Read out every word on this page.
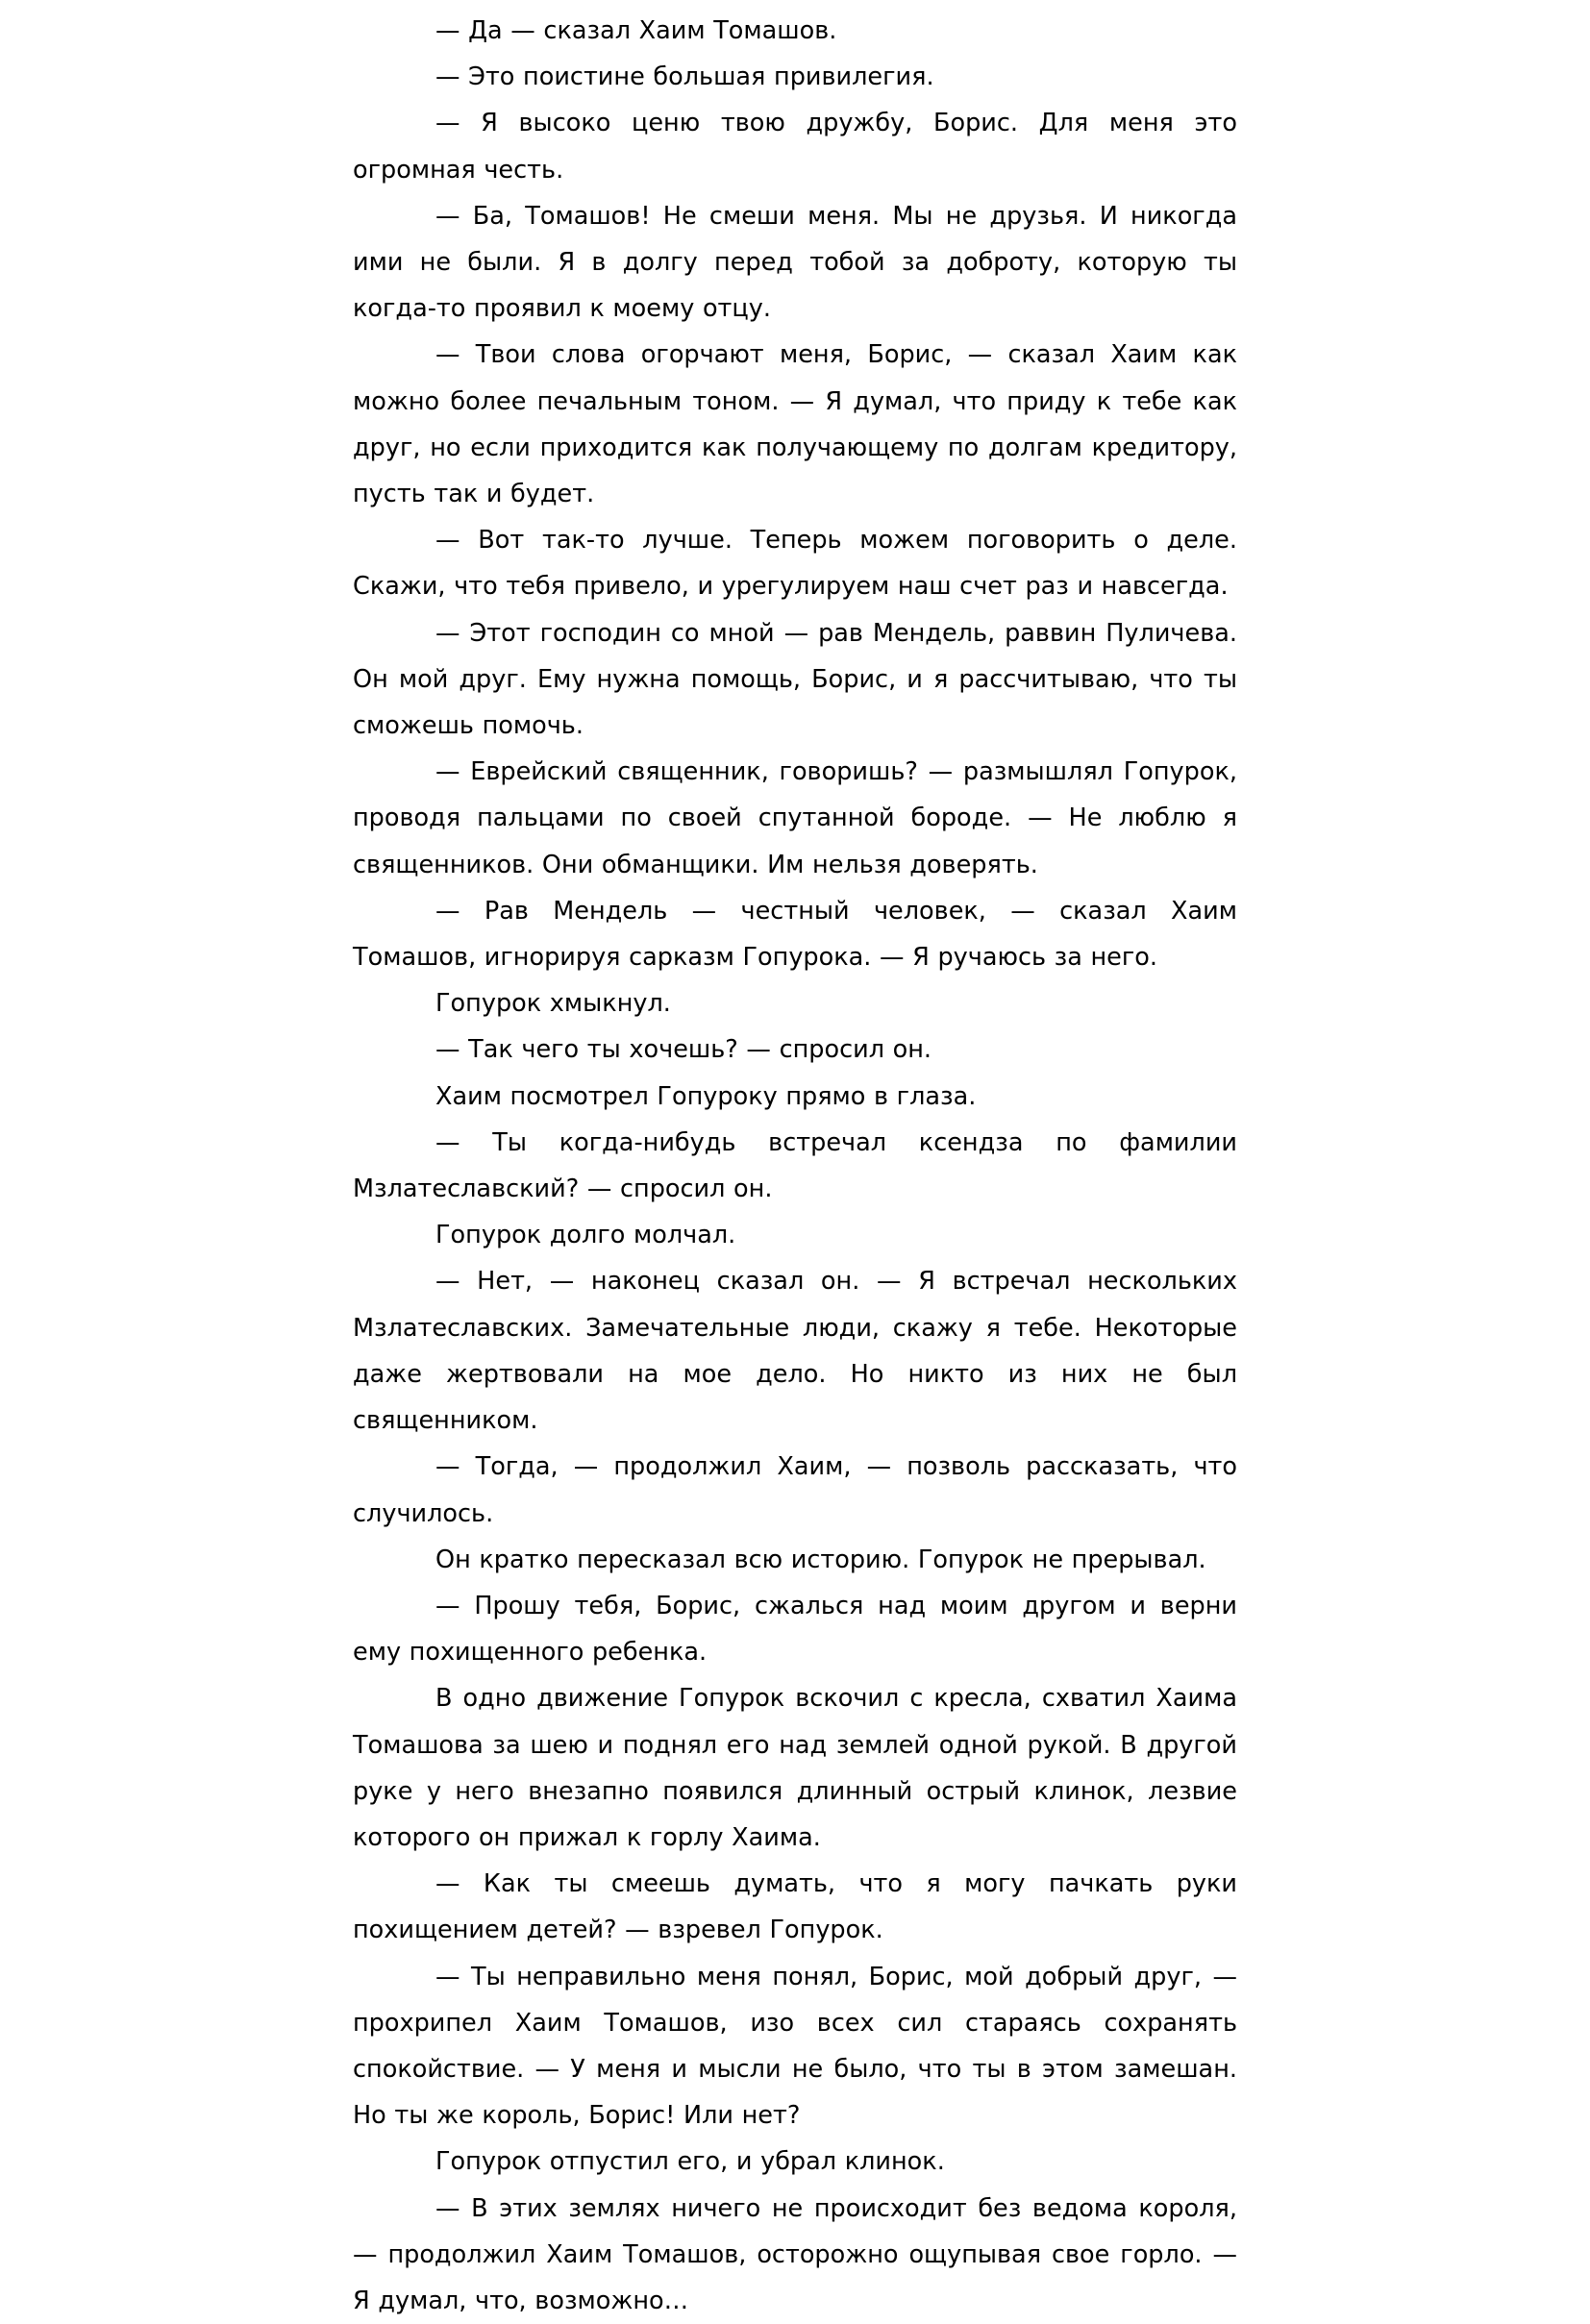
— Да — сказал Хаим Томашов.

— Это поистине большая привилегия.

— Я высоко ценю твою дружбу, Борис. Для меня это огромная честь.

— Ба, Томашов! Не смеши меня. Мы не друзья. И никогда ими не были. Я в долгу перед тобой за доброту, которую ты когда-то проявил к моему отцу.

— Твои слова огорчают меня, Борис, — сказал Хаим как можно более печальным тоном. — Я думал, что приду к тебе как друг, но если приходится как получающему по долгам кредитору, пусть так и будет.

— Вот так-то лучше. Теперь можем поговорить о деле. Скажи, что тебя привело, и урегулируем наш счет раз и навсегда.

— Этот господин со мной — рав Мендель, раввин Пуличева. Он мой друг. Ему нужна помощь, Борис, и я рассчитываю, что ты сможешь помочь.

— Еврейский священник, говоришь? — размышлял Гопурок, проводя пальцами по своей спутанной бороде. — Не люблю я священников. Они обманщики. Им нельзя доверять.

— Рав Мендель — честный человек, — сказал Хаим Томашов, игнорируя сарказм Гопурока. — Я ручаюсь за него.

Гопурок хмыкнул.

— Так чего ты хочешь? — спросил он.

Хаим посмотрел Гопуроку прямо в глаза.

— Ты когда-нибудь встречал ксендза по фамилии Мзлатеславский? — спросил он.

Гопурок долго молчал.

— Нет, — наконец сказал он. — Я встречал нескольких Мзлатеславских. Замечательные люди, скажу я тебе. Некоторые даже жертвовали на мое дело. Но никто из них не был священником.

— Тогда, — продолжил Хаим, — позволь рассказать, что случилось.

Он кратко пересказал всю историю. Гопурок не прерывал.

— Прошу тебя, Борис, сжалься над моим другом и верни ему похищенного ребенка.

В одно движение Гопурок вскочил с кресла, схватил Хаима Томашова за шею и поднял его над землей одной рукой. В другой руке у него внезапно появился длинный острый клинок, лезвие которого он прижал к горлу Хаима.

— Как ты смеешь думать, что я могу пачкать руки похищением детей? — взревел Гопурок.

— Ты неправильно меня понял, Борис, мой добрый друг, — прохрипел Хаим Томашов, изо всех сил стараясь сохранять спокойствие. — У меня и мысли не было, что ты в этом замешан. Но ты же король, Борис! Или нет?

Гопурок отпустил его, и убрал клинок.

— В этих землях ничего не происходит без ведома короля, — продолжил Хаим Томашов, осторожно ощупывая свое горло. — Я думал, что, возможно…
